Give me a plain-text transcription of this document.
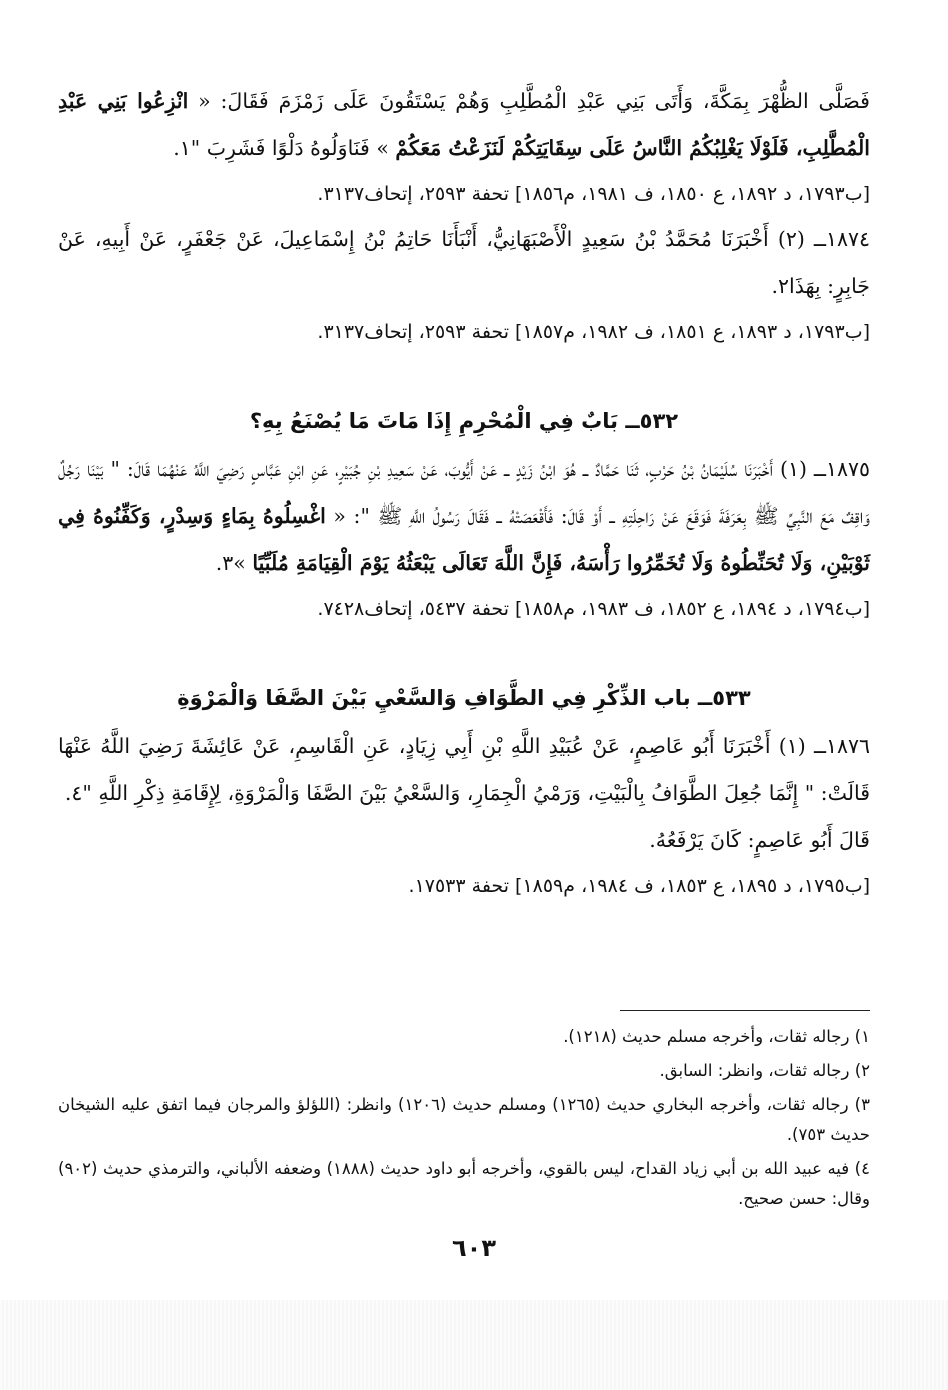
فَصَلَّى الظُّهْرَ بِمَكَّةَ، وَأَتَى بَنِي عَبْدِ الْمُطَّلِبِ وَهُمْ يَسْتَقُونَ عَلَى زَمْزَمَ فَقَالَ: « انْزِعُوا بَنِي عَبْدِ الْمُطَّلِبِ، فَلَوْلَا يَغْلِبُكُمُ النَّاسُ عَلَى سِقَايَتِكُمْ لَنَزَعْتُ مَعَكُمْ » فَنَاوَلُوهُ دَلْوًا فَشَرِبَ "١.

[ب١٧٩٣، د ١٨٩٢، ع ١٨٥٠، ف ١٩٨١، م١٨٥٦] تحفة ٢٥٩٣، إتحاف٣١٣٧.

١٨٧٤ــ (٢) أَخْبَرَنَا مُحَمَّدُ بْنُ سَعِيدٍ الْأَصْبَهَانِيُّ، أَنْبَأَنَا حَاتِمُ بْنُ إِسْمَاعِيلَ، عَنْ جَعْفَرٍ، عَنْ أَبِيهِ، عَنْ جَابِرٍ: بِهَذَا٢.

[ب١٧٩٣، د ١٨٩٣، ع ١٨٥١، ف ١٩٨٢، م١٨٥٧] تحفة ٢٥٩٣، إتحاف٣١٣٧.

٥٣٢ــ بَابٌ فِي الْمُحْرِمِ إِذَا مَاتَ مَا يُصْنَعُ بِهِ؟

١٨٧٥ــ (١) أَخْبَرَنَا سُلَيْمَانُ بْنُ حَرْبٍ، ثَنَا حَمَّادٌ ــ هُوَ ابْنُ زَيْدٍ ــ عَنْ أَيُّوبَ، عَنْ سَعِيدِ بْنِ جُبَيْرٍ، عَنِ ابْنِ عَبَّاسٍ رَضِيَ اللَّهُ عَنْهُمَا قَالَ: " بَيْنَا رَجُلٌ وَاقِفٌ مَعَ النَّبِيِّ ﷺ بِعَرَفَةَ فَوَقَعَ عَنْ رَاحِلَتِهِ ــ أَوْ قَالَ: فَأَقْعَصَتْهُ ــ فَقَالَ رَسُولُ اللَّهِ ﷺ ": « اغْسِلُوهُ بِمَاءٍ وَسِدْرٍ، وَكَفِّنُوهُ فِي ثَوْبَيْنِ، وَلَا تُحَنِّطُوهُ وَلَا تُخَمِّرُوا رَأْسَهُ، فَإِنَّ اللَّهَ تَعَالَى يَبْعَثُهُ يَوْمَ الْقِيَامَةِ مُلَبِّيًا »٣.

[ب١٧٩٤، د ١٨٩٤، ع ١٨٥٢، ف ١٩٨٣، م١٨٥٨] تحفة ٥٤٣٧، إتحاف٧٤٢٨.

٥٣٣ــ باب الذِّكْرِ فِي الطَّوَافِ وَالسَّعْيِ بَيْنَ الصَّفَا وَالْمَرْوَةِ

١٨٧٦ــ (١) أَخْبَرَنَا أَبُو عَاصِمٍ، عَنْ عُبَيْدِ اللَّهِ بْنِ أَبِي زِيَادٍ، عَنِ الْقَاسِمِ، عَنْ عَائِشَةَ رَضِيَ اللَّهُ عَنْهَا قَالَتْ: " إِنَّمَا جُعِلَ الطَّوَافُ بِالْبَيْتِ، وَرَمْيُ الْجِمَارِ، وَالسَّعْيُ بَيْنَ الصَّفَا وَالْمَرْوَةِ، لِإِقَامَةِ ذِكْرِ اللَّهِ "٤.

قَالَ أَبُو عَاصِمٍ: كَانَ يَرْفَعُهُ.

[ب١٧٩٥، د ١٨٩٥، ع ١٨٥٣، ف ١٩٨٤، م١٨٥٩] تحفة ١٧٥٣٣.

١) رجاله ثقات، وأخرجه مسلم حديث (١٢١٨).

٢) رجاله ثقات، وانظر: السابق.

٣) رجاله ثقات، وأخرجه البخاري حديث (١٢٦٥) ومسلم حديث (١٢٠٦) وانظر: (اللؤلؤ والمرجان فيما اتفق عليه الشيخان حديث ٧٥٣).

٤) فيه عبيد الله بن أبي زياد القداح، ليس بالقوي، وأخرجه أبو داود حديث (١٨٨٨) وضعفه الألباني، والترمذي حديث (٩٠٢) وقال: حسن صحيح.

٦٠٣
